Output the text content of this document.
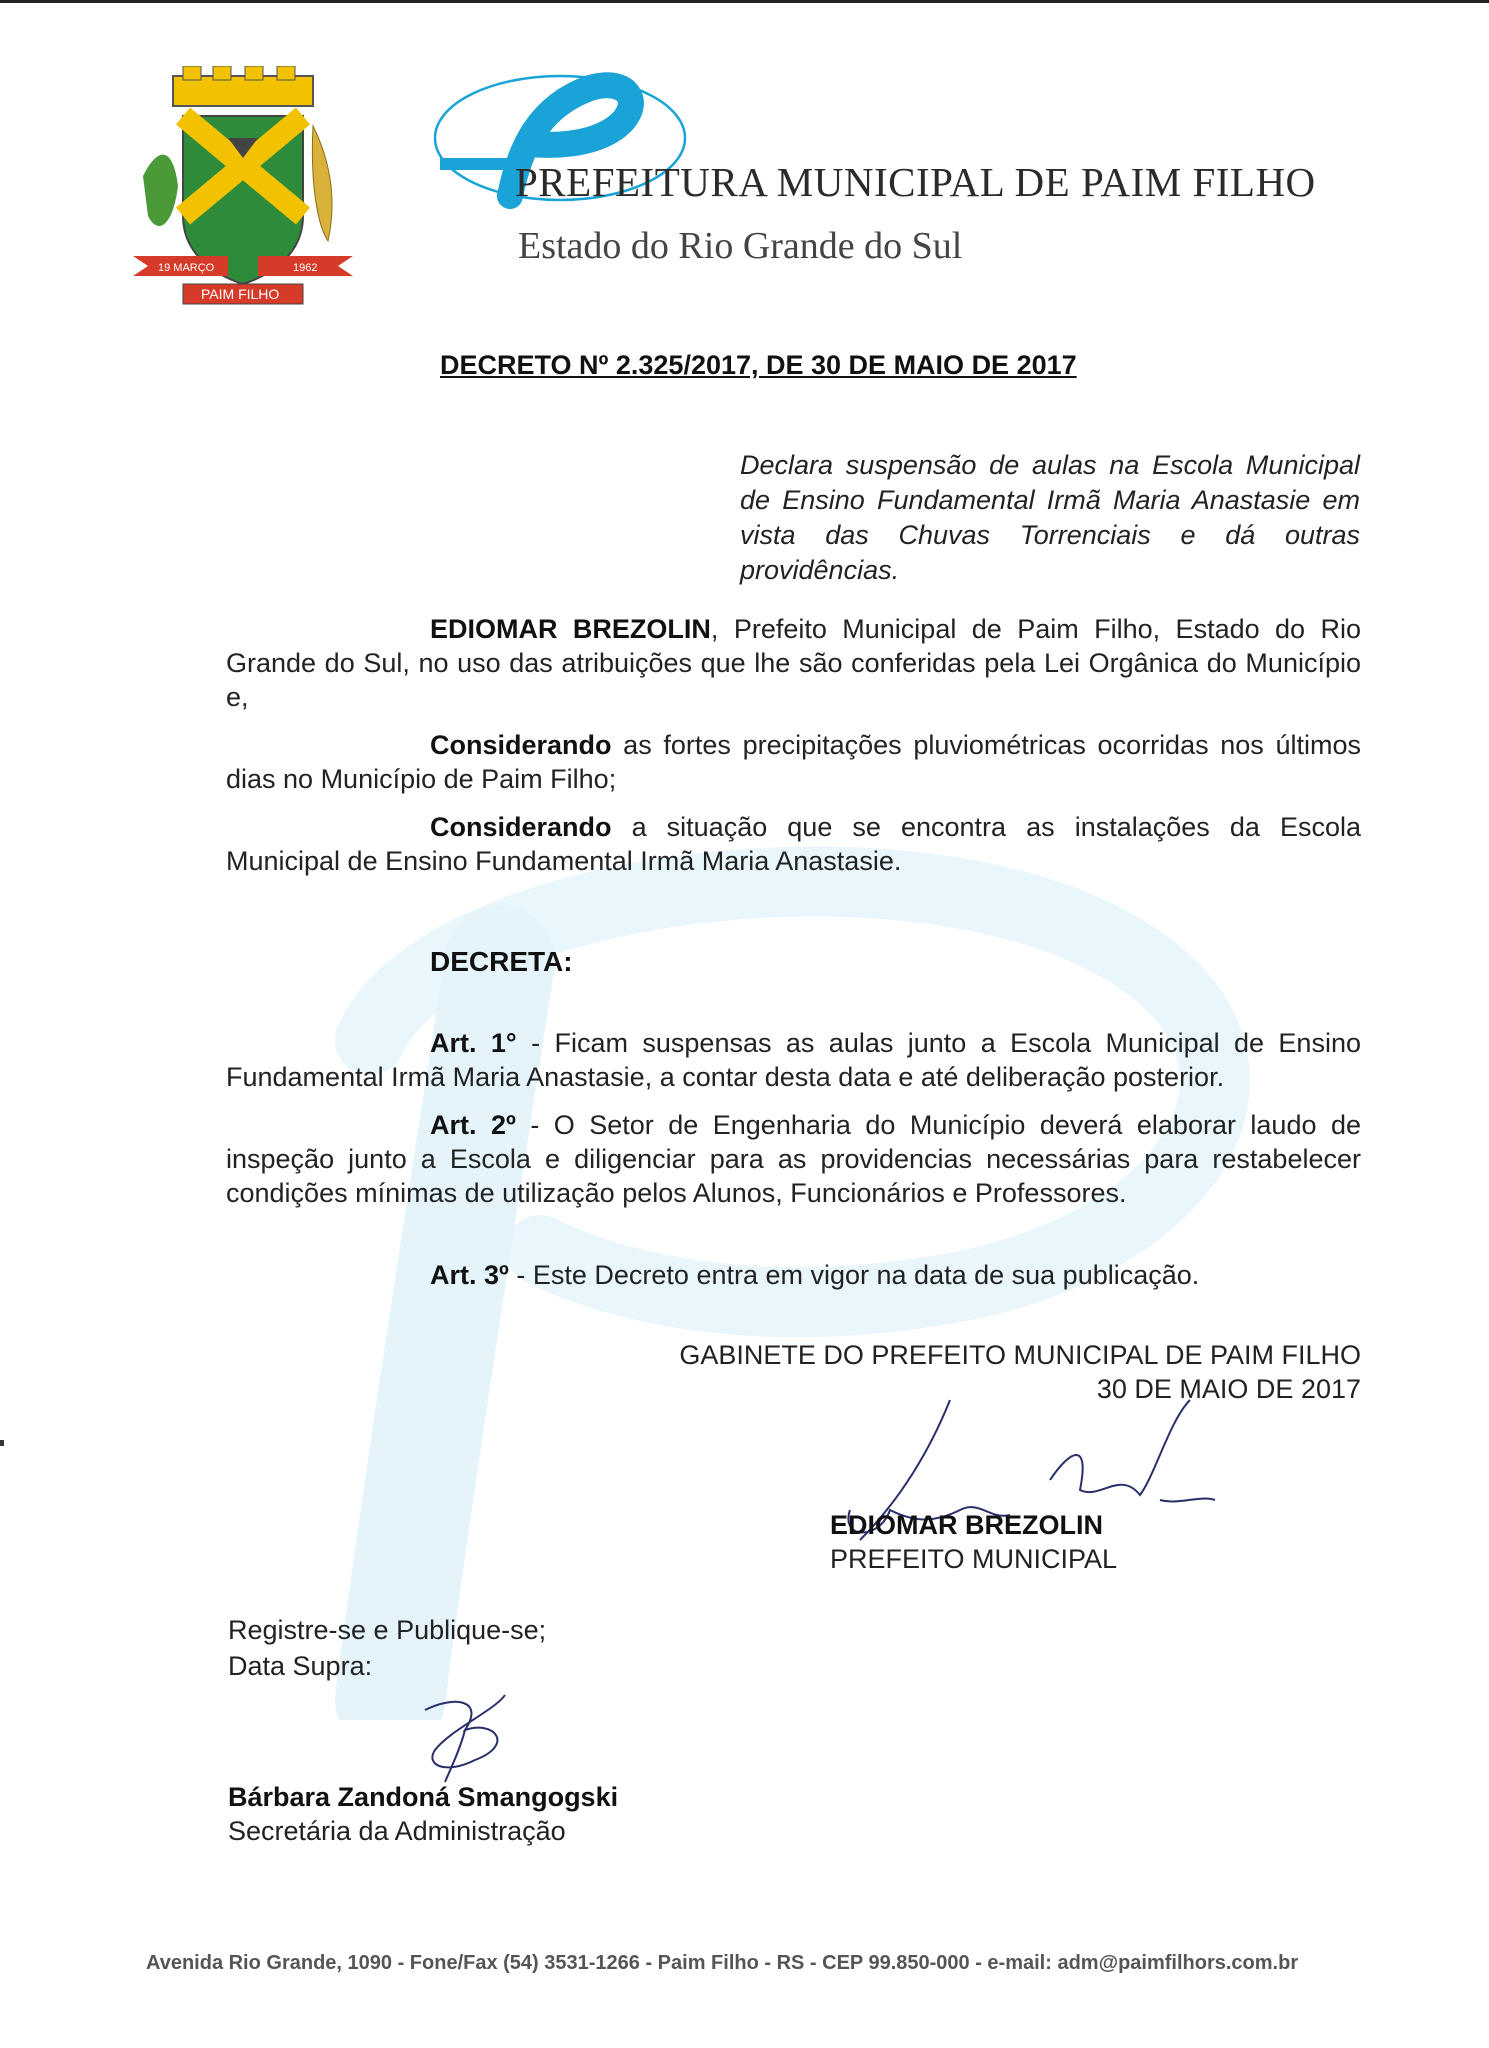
19 MARÇO	1962
PAIM FILHO
PREFEITURA MUNICIPAL DE PAIM FILHO
Estado do Rio Grande do Sul
DECRETO Nº 2.325/2017, DE 30 DE MAIO DE 2017
Declara suspensão de aulas na Escola Municipal de Ensino Fundamental Irmã Maria Anastasie em vista das Chuvas Torrenciais e dá outras providências.
EDIOMAR BREZOLIN, Prefeito Municipal de Paim Filho, Estado do Rio Grande do Sul, no uso das atribuições que lhe são conferidas pela Lei Orgânica do Município e,
Considerando as fortes precipitações pluviométricas ocorridas nos últimos dias no Município de Paim Filho;
Considerando a situação que se encontra as instalações da Escola Municipal de Ensino Fundamental Irmã Maria Anastasie.
DECRETA:
Art. 1° - Ficam suspensas as aulas junto a Escola Municipal de Ensino Fundamental Irmã Maria Anastasie, a contar desta data e até deliberação posterior.
Art. 2º - O Setor de Engenharia do Município deverá elaborar laudo de inspeção junto a Escola e diligenciar para as providencias necessárias para restabelecer condições mínimas de utilização pelos Alunos, Funcionários e Professores.
Art. 3º - Este Decreto entra em vigor na data de sua publicação.
GABINETE DO PREFEITO MUNICIPAL DE PAIM FILHO
30 DE MAIO DE 2017
EDIOMAR BREZOLIN
PREFEITO MUNICIPAL
Registre-se e Publique-se;
Data Supra:
Bárbara Zandoná Smangogski
Secretária da Administração
Avenida Rio Grande, 1090 - Fone/Fax (54) 3531-1266 - Paim Filho - RS - CEP 99.850-000 - e-mail: adm@paimfilhors.com.br
